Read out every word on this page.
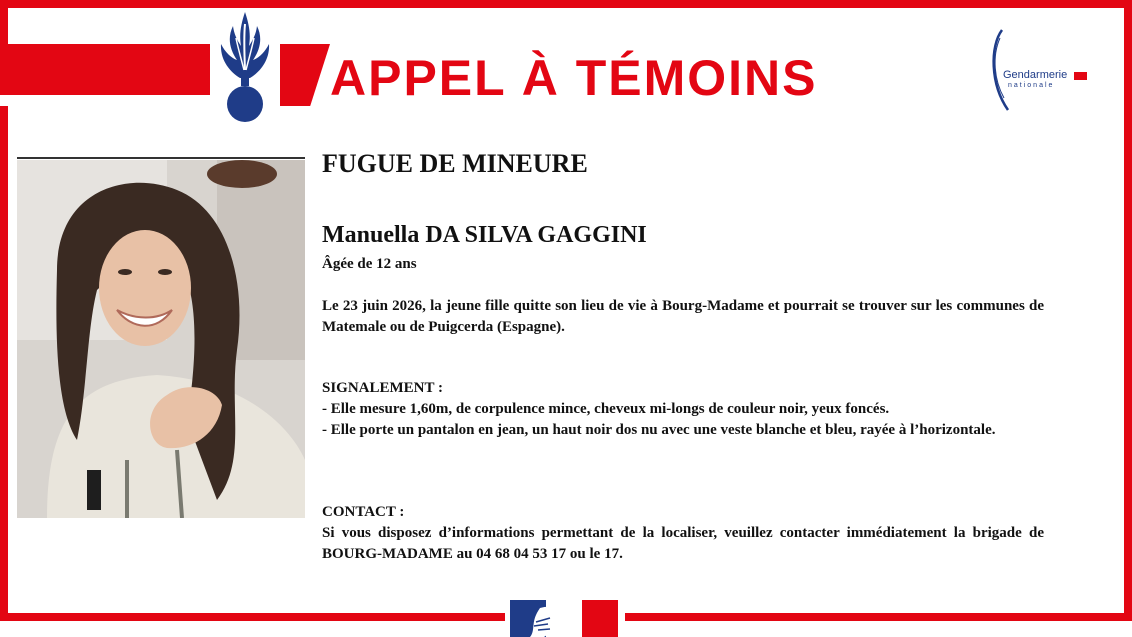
APPEL À TÉMOINS	Gendarmerie
nationale
FUGUE DE MINEURE
Manuella DA SILVA GAGGINI
Âgée de 12 ans
Le 23 juin 2026, la jeune fille quitte son lieu de vie à Bourg-Madame et pourrait se trouver sur les communes de Matemale ou de Puigcerda (Espagne).
SIGNALEMENT :
- Elle mesure 1,60m, de corpulence mince, cheveux mi-longs de couleur noir, yeux foncés.
- Elle porte un pantalon en jean, un haut noir dos nu avec une veste blanche et bleu, rayée à l’horizontale.
CONTACT :
Si vous disposez d’informations permettant de la localiser, veuillez contacter immédiatement la brigade de BOURG-MADAME au 04 68 04 53 17 ou le 17.
